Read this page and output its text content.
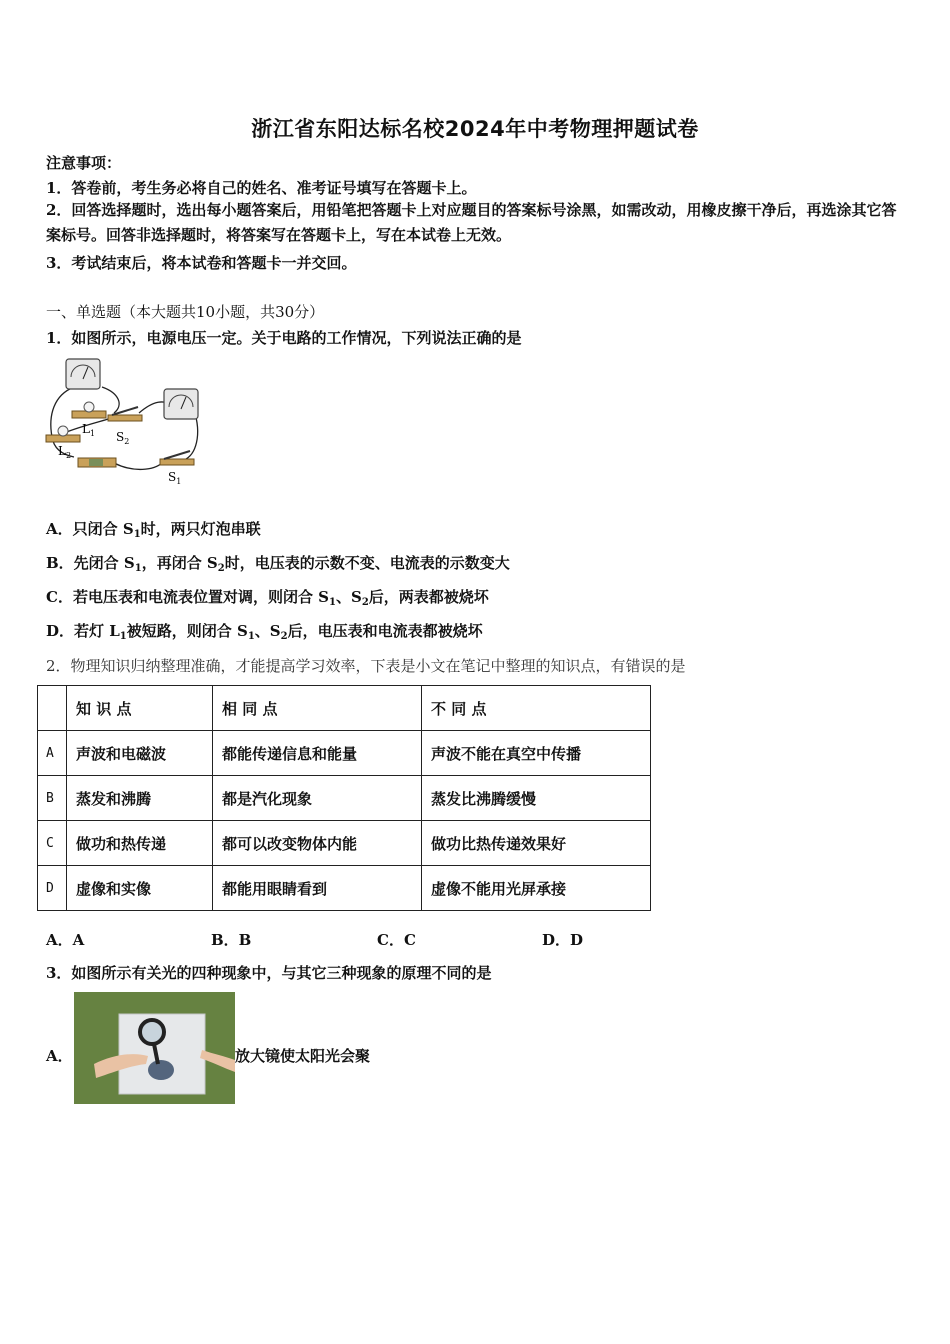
浙江省东阳达标名校2024年中考物理押题试卷
注意事项：
1．答卷前，考生务必将自己的姓名、准考证号填写在答题卡上。
2．回答选择题时，选出每小题答案后，用铅笔把答题卡上对应题目的答案标号涂黑，如需改动，用橡皮擦干净后，再选涂其它答案标号。回答非选择题时，将答案写在答题卡上，写在本试卷上无效。
3．考试结束后，将本试卷和答题卡一并交回。
一、单选题（本大题共10小题，共30分）
1．如图所示，电源电压一定。关于电路的工作情况，下列说法正确的是
$L_1$
$L_2$
$S_2$
$S_1$
A．只闭合 $S_1$时，两只灯泡串联
B．先闭合 $S_1$，再闭合 $S_2$时，电压表的示数不变、电流表的示数变大
C．若电压表和电流表位置对调，则闭合 $S_1$、$S_2$后，两表都被烧坏
D．若灯 $L_1$被短路，则闭合 $S_1$、$S_2$后，电压表和电流表都被烧坏
2．物理知识归纳整理准确，才能提高学习效率，下表是小文在笔记中整理的知识点，有错误的是
	知 识 点	相 同 点	不 同 点
A	声波和电磁波	都能传递信息和能量	声波不能在真空中传播
B	蒸发和沸腾	都是汽化现象	蒸发比沸腾缓慢
C	做功和热传递	都可以改变物体内能	做功比热传递效果好
D	虚像和实像	都能用眼睛看到	虚像不能用光屏承接
A．A	B．B	C．C	D．D
3．如图所示有关光的四种现象中，与其它三种现象的原理不同的是
A．	放大镜使太阳光会聚
